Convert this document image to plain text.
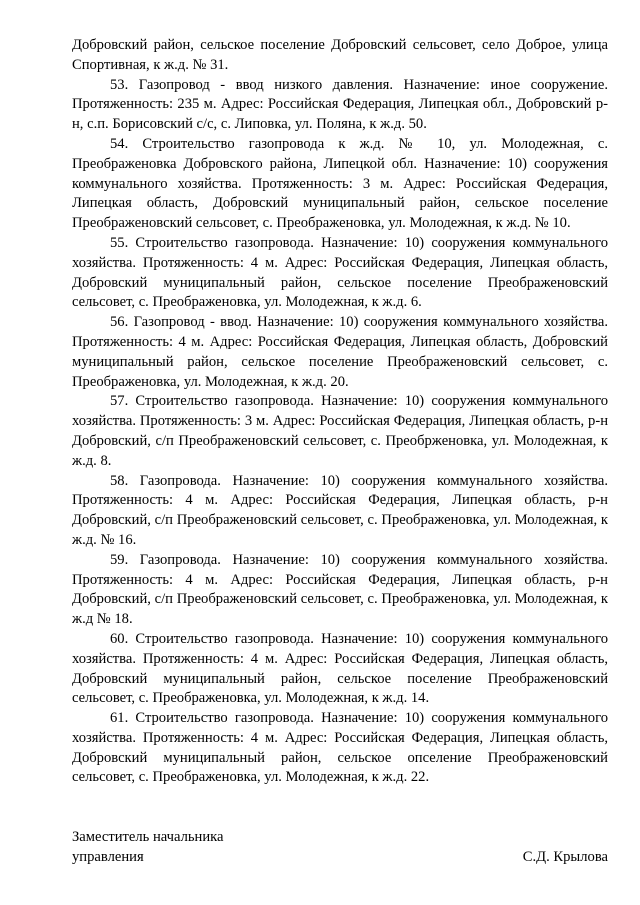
Добровский район, сельское поселение Добровский сельсовет, село Доброе, улица Спортивная, к ж.д. № 31.

53. Газопровод - ввод низкого давления. Назначение: иное сооружение. Протяженность: 235 м. Адрес: Российская Федерация, Липецкая обл., Добровский р-н, с.п. Борисовский с/с, с. Липовка, ул. Поляна, к ж.д. 50.

54. Строительство газопровода к ж.д. № 10, ул. Молодежная, с. Преображеновка Добровского района, Липецкой обл. Назначение: 10) сооружения коммунального хозяйства. Протяженность: 3 м. Адрес: Российская Федерация, Липецкая область, Добровский муниципальный район, сельское поселение Преображеновский сельсовет, с. Преображеновка, ул. Молодежная, к ж.д. № 10.

55. Строительство газопровода. Назначение: 10) сооружения коммунального хозяйства. Протяженность: 4 м. Адрес: Российская Федерация, Липецкая область, Добровский муниципальный район, сельское поселение Преображеновский сельсовет, с. Преображеновка, ул. Молодежная, к ж.д. 6.

56. Газопровод - ввод. Назначение: 10) сооружения коммунального хозяйства. Протяженность: 4 м. Адрес: Российская Федерация, Липецкая область, Добровский муниципальный район, сельское поселение Преображеновский сельсовет, с. Преображеновка, ул. Молодежная, к ж.д. 20.

57. Строительство газопровода. Назначение: 10) сооружения коммунального хозяйства. Протяженность: 3 м. Адрес: Российская Федерация, Липецкая область, р-н Добровский, с/п Преображеновский сельсовет, с. Преобрженовка, ул. Молодежная, к ж.д. 8.

58. Газопровода. Назначение: 10) сооружения коммунального хозяйства. Протяженность: 4 м. Адрес: Российская Федерация, Липецкая область, р-н Добровский, с/п Преображеновский сельсовет, с. Преображеновка, ул. Молодежная, к ж.д. № 16.

59. Газопровода. Назначение: 10) сооружения коммунального хозяйства. Протяженность: 4 м. Адрес: Российская Федерация, Липецкая область, р-н Добровский, с/п Преображеновский сельсовет, с. Преображеновка, ул. Молодежная, к ж.д № 18.

60. Строительство газопровода. Назначение: 10) сооружения коммунального хозяйства. Протяженность: 4 м. Адрес: Российская Федерация, Липецкая область, Добровский муниципальный район, сельское поселение Преображеновский сельсовет, с. Преображеновка, ул. Молодежная, к ж.д. 14.

61. Строительство газопровода. Назначение: 10) сооружения коммунального хозяйства. Протяженность: 4 м. Адрес: Российская Федерация, Липецкая область, Добровский муниципальный район, сельское опселение Преображеновский сельсовет, с. Преображеновка, ул. Молодежная, к ж.д. 22.

Заместитель начальника
управления	С.Д. Крылова
